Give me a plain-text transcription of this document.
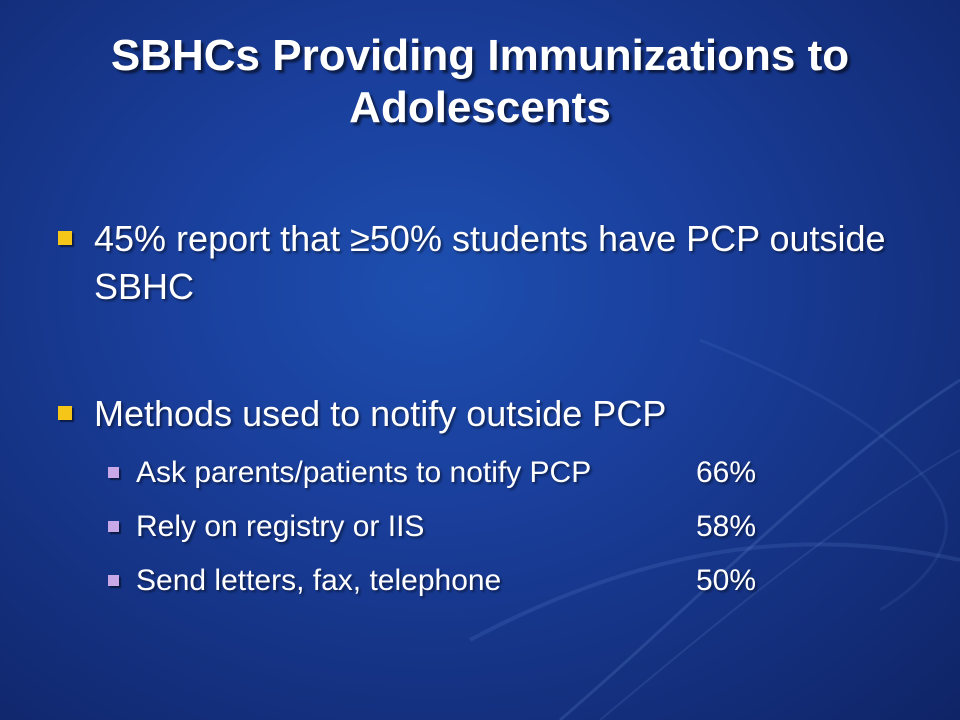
SBHCs Providing Immunizations to Adolescents
45% report that ≥50% students have PCP outside SBHC
Methods used to notify outside PCP
Ask parents/patients to notify PCP	66%
Rely on registry or IIS	58%
Send letters, fax, telephone	50%
